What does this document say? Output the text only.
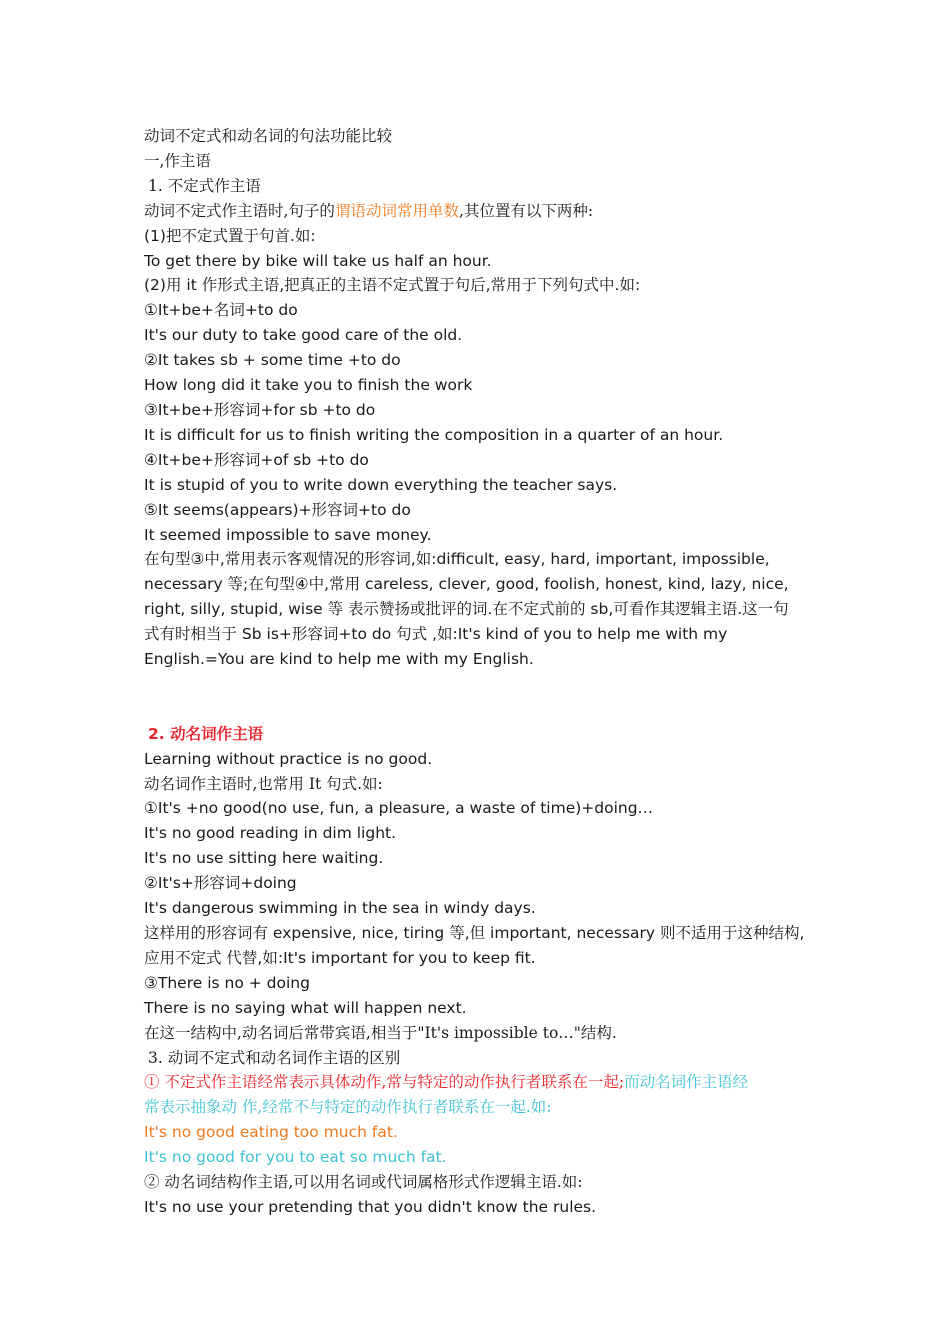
动词不定式和动名词的句法功能比较
一,作主语
1. 不定式作主语
动词不定式作主语时,句子的谓语动词常用单数,其位置有以下两种:
(1)把不定式置于句首.如:
To get there by bike will take us half an hour.
(2)用 it 作形式主语,把真正的主语不定式置于句后,常用于下列句式中.如:
①It+be+名词+to do
It's our duty to take good care of the old.
②It takes sb + some time +to do
How long did it take you to finish the work
③It+be+形容词+for sb +to do
It is difficult for us to finish writing the composition in a quarter of an hour.
④It+be+形容词+of sb +to do
It is stupid of you to write down everything the teacher says.
⑤It seems(appears)+形容词+to do
It seemed impossible to save money.
在句型③中,常用表示客观情况的形容词,如:difficult, easy, hard, important, impossible,
necessary 等;在句型④中,常用 careless, clever, good, foolish, honest, kind, lazy, nice,
right, silly, stupid, wise 等 表示赞扬或批评的词.在不定式前的 sb,可看作其逻辑主语.这一句
式有时相当于 Sb is+形容词+to do 句式 ,如:It's kind of you to help me with my
English.=You are kind to help me with my English.
2. 动名词作主语
Learning without practice is no good.
动名词作主语时,也常用 It 句式.如:
①It's +no good(no use, fun, a pleasure, a waste of time)+doing…
It's no good reading in dim light.
It's no use sitting here waiting.
②It's+形容词+doing
It's dangerous swimming in the sea in windy days.
这样用的形容词有 expensive, nice, tiring 等,但 important, necessary 则不适用于这种结构,
应用不定式 代替,如:It's important for you to keep fit.
③There is no + doing
There is no saying what will happen next.
在这一结构中,动名词后常带宾语,相当于"It's impossible to…"结构.
3. 动词不定式和动名词作主语的区别
① 不定式作主语经常表示具体动作,常与特定的动作执行者联系在一起;而动名词作主语经
常表示抽象动 作,经常不与特定的动作执行者联系在一起.如:
It's no good eating too much fat.
It's no good for you to eat so much fat.
② 动名词结构作主语,可以用名词或代词属格形式作逻辑主语.如:
It's no use your pretending that you didn't know the rules.
